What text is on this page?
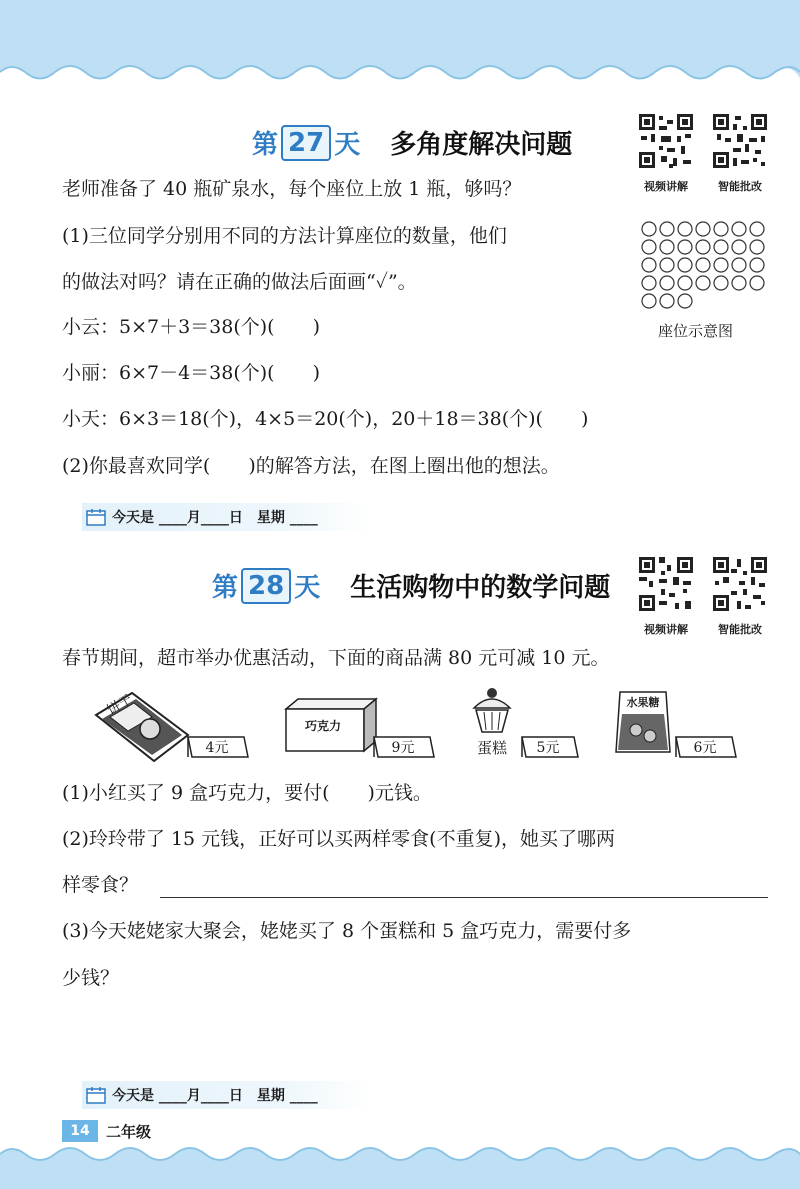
第 27 天 多角度解决问题
视频讲解	智能批改
老师准备了 40 瓶矿泉水，每个座位上放 1 瓶，够吗？
(1)三位同学分别用不同的方法计算座位的数量，他们
的做法对吗？请在正确的做法后面画“✓”。
小云：5×7＋3＝38(个)(　　)
小丽：6×7－4＝38(个)(　　)
小天：6×3＝18(个)，4×5＝20(个)，20＋18＝38(个)(　　)
(2)你最喜欢同学(　　)的解答方法，在图上圈出他的想法。
座位示意图
今天是 ____月____日　星期 ____
第 28 天 生活购物中的数学问题
视频讲解	智能批改
春节期间，超市举办优惠活动，下面的商品满 80 元可减 10 元。
饼干
4元
巧克力
9元	蛋糕	5元
水果糖
6元
(1)小红买了 9 盒巧克力，要付(　　)元钱。
(2)玲玲带了 15 元钱，正好可以买两样零食(不重复)，她买了哪两
样零食？
(3)今天姥姥家大聚会，姥姥买了 8 个蛋糕和 5 盒巧克力，需要付多
少钱？
今天是 ____月____日　星期 ____
14	二年级
